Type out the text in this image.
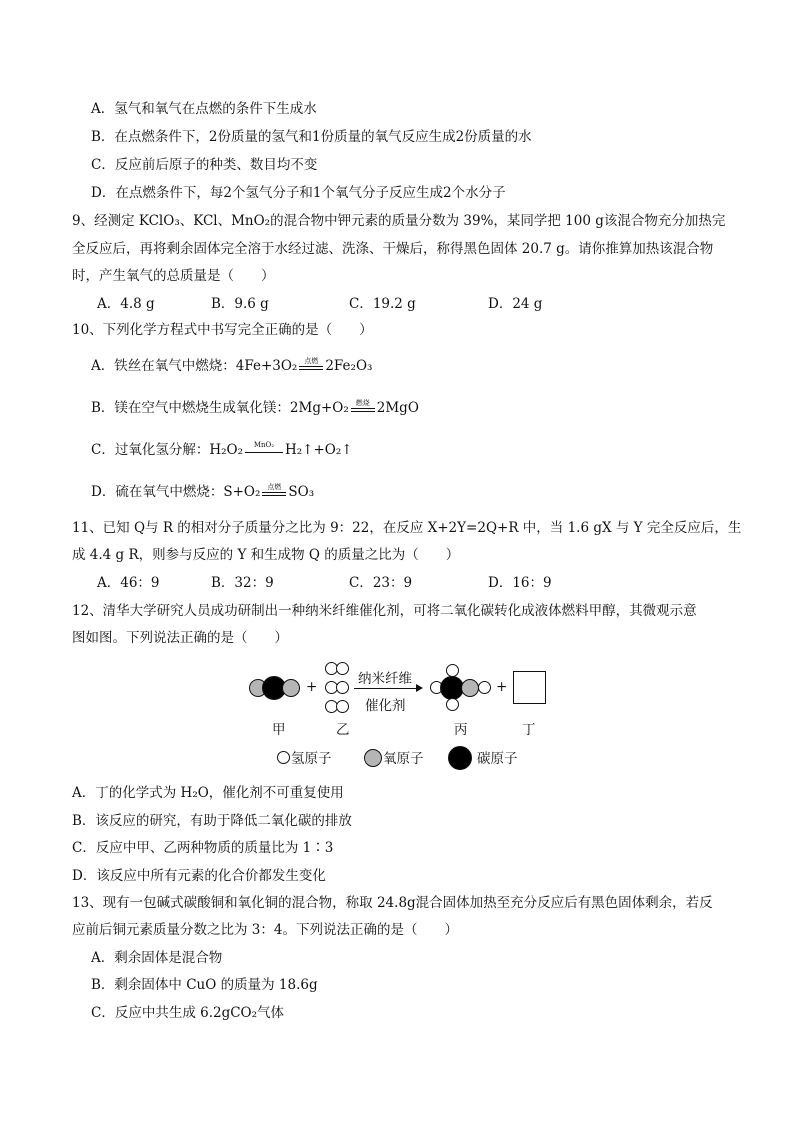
A．氢气和氧气在点燃的条件下生成水
B．在点燃条件下，2份质量的氢气和1份质量的氧气反应生成2份质量的水
C．反应前后原子的种类、数目均不变
D．在点燃条件下，每2个氢气分子和1个氧气分子反应生成2个水分子
9、经测定 KClO₃、KCl、MnO₂的混合物中钾元素的质量分数为 39%，某同学把 100 g该混合物充分加热完
全反应后，再将剩余固体完全溶于水经过滤、洗涤、干燥后，称得黑色固体 20.7 g。请你推算加热该混合物
时，产生氧气的总质量是（　　）
A．4.8 g	B．9.6 g	C．19.2 g	D．24 g
10、下列化学方程式中书写完全正确的是（　　）
A．铁丝在氧气中燃烧：4Fe+3O₂	点燃 2Fe₂O₃
B．镁在空气中燃烧生成氧化镁：2Mg+O₂	燃烧 2MgO
C．过氧化氢分解：H₂O₂	MnO₂ H₂↑+O₂↑
D．硫在氧气中燃烧：S+O₂	点燃 SO₃
11、已知 Q与 R 的相对分子质量分之比为 9：22，在反应 X+2Y=2Q+R 中，当 1.6 gX 与 Y 完全反应后，生
成 4.4 g R，则参与反应的 Y 和生成物 Q 的质量之比为（　　）
A．46：9	B．32：9	C．23：9	D．16：9
12、清华大学研究人员成功研制出一种纳米纤维催化剂，可将二氧化碳转化成液体燃料甲醇，其微观示意
图如图。下列说法正确的是（　　）
+	纳米纤维
催化剂
+
甲	乙	丙	丁
氢原子	氧原子	碳原子
A．丁的化学式为 H₂O，催化剂不可重复使用
B．该反应的研究，有助于降低二氧化碳的排放
C．反应中甲、乙两种物质的质量比为 1∶3
D．该反应中所有元素的化合价都发生变化
13、现有一包碱式碳酸铜和氧化铜的混合物，称取 24.8g混合固体加热至充分反应后有黑色固体剩余，若反
应前后铜元素质量分数之比为 3：4。下列说法正确的是（　　）
A．剩余固体是混合物
B．剩余固体中 CuO 的质量为 18.6g
C．反应中共生成 6.2gCO₂气体
